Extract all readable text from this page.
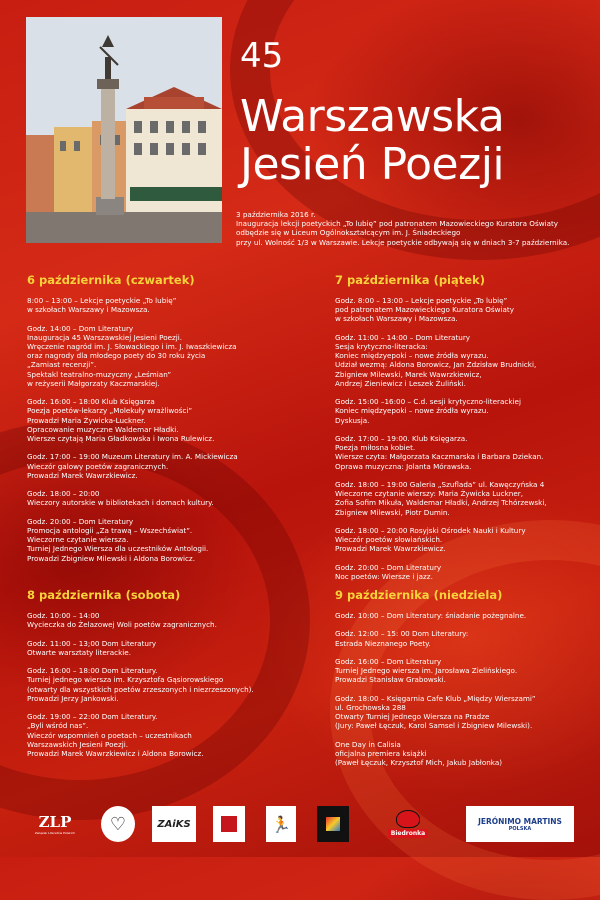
45
Warszawska
Jesień Poezji
3 października 2016 r.
Inauguracja lekcji poetyckich „To lubię” pod patronatem Mazowieckiego Kuratora Oświaty
odbędzie się w Liceum Ogólnokształcącym im. J. Śniadeckiego
przy ul. Wolność 1/3 w Warszawie. Lekcje poetyckie odbywają się w dniach 3-7 października.
6 października (czwartek)
8:00 – 13:00 – Lekcje poetyckie „To lubię”
w szkołach Warszawy i Mazowsza.
Godz. 14:00 – Dom Literatury
Inauguracja 45 Warszawskiej Jesieni Poezji.
Wręczenie nagród im. J. Słowackiego i im. J. Iwaszkiewicza
oraz nagrody dla młodego poety do 30 roku życia
„Zamiast recenzji”.
Spektakl teatralno-muzyczny „Leśmian”
w reżyserii Małgorzaty Kaczmarskiej.
Godz. 16:00 – 18:00 Klub Księgarza
Poezja poetów-lekarzy „Molekuły wrażliwości”
Prowadzi Maria Żywicka-Luckner.
Opracowanie muzyczne Waldemar Hładki.
Wiersze czytają Maria Gładkowska i Iwona Rulewicz.
Godz. 17:00 – 19:00 Muzeum Literatury im. A. Mickiewicza
Wieczór galowy poetów zagranicznych.
Prowadzi Marek Wawrzkiewicz.
Godz. 18:00 – 20:00
Wieczory autorskie w bibliotekach i domach kultury.
Godz. 20:00 – Dom Literatury
Promocja antologii „Za trawą – Wszechświat”.
Wieczorne czytanie wiersza.
Turniej Jednego Wiersza dla uczestników Antologii.
Prowadzi Zbigniew Milewski i Aldona Borowicz.
7 października (piątek)
Godz. 8:00 – 13:00 – Lekcje poetyckie „To lubię”
pod patronatem Mazowieckiego Kuratora Oświaty
w szkołach Warszawy i Mazowsza.
Godz. 11:00 – 14:00 – Dom Literatury
Sesja krytyczno-literacka:
Koniec międzyepoki – nowe źródła wyrazu.
Udział wezmą: Aldona Borowicz, Jan Zdzisław Brudnicki,
Zbigniew Milewski, Marek Wawrzkiewicz,
Andrzej Zieniewicz i Leszek Żuliński.
Godz. 15:00 –16:00 – C.d. sesji krytyczno-literackiej
Koniec międzyepoki – nowe źródła wyrazu.
Dyskusja.
Godz. 17:00 – 19:00. Klub Księgarza.
Poezja miłosna kobiet.
Wiersze czyta: Małgorzata Kaczmarska i Barbara Dziekan.
Oprawa muzyczna: Jolanta Mórawska.
Godz. 18:00 – 19:00 Galeria „Szuflada” ul. Kawęczyńska 4
Wieczorne czytanie wierszy: Maria Żywicka Luckner,
Zofia Sofim Mikuła, Waldemar Hładki, Andrzej Tchórzewski,
Zbigniew Milewski, Piotr Dumin.
Godz. 18:00 – 20:00 Rosyjski Ośrodek Nauki i Kultury
Wieczór poetów słowiańskich.
Prowadzi Marek Wawrzkiewicz.
Godz. 20:00 – Dom Literatury
Noc poetów: Wiersze i jazz.
8 października (sobota)
Godz. 10:00 – 14:00
Wycieczka do Żelazowej Woli poetów zagranicznych.
Godz. 11:00 – 13;00 Dom Literatury
Otwarte warsztaty literackie.
Godz. 16:00 – 18:00 Dom Literatury.
Turniej jednego wiersza im. Krzysztofa Gąsiorowskiego
(otwarty dla wszystkich poetów zrzeszonych i niezrzeszonych).
Prowadzi Jerzy Jankowski.
Godz. 19:00 – 22:00 Dom Literatury.
„Byli wśród nas”.
Wieczór wspomnień o poetach – uczestnikach
Warszawskich Jesieni Poezji.
Prowadzi Marek Wawrzkiewicz i Aldona Borowicz.
9 października (niedziela)
Godz. 10:00 – Dom Literatury: śniadanie pożegnalne.
Godz. 12:00 – 15: 00 Dom Literatury:
Estrada Nieznanego Poety.
Godz. 16:00 – Dom Literatury
Turniej Jednego wiersza im. Jarosława Zielińskiego.
Prowadzi Stanisław Grabowski.
Godz. 18:00 – Księgarnia Cafe Klub „Między Wierszami”
ul. Grochowska 288
Otwarty Turniej Jednego Wiersza na Pradze
(Jury: Paweł Łęczuk, Karol Samsel i Zbigniew Milewski).
One Day in Calisia
oficjalna premiera książki
(Paweł Łęczuk, Krzysztof Mich, Jakub Jabłonka)
ZLP
Związek Literatów Polskich ♡	ZAiKS	🏃	Biedronka
JERÓNIMO MARTINS
POLSKA
